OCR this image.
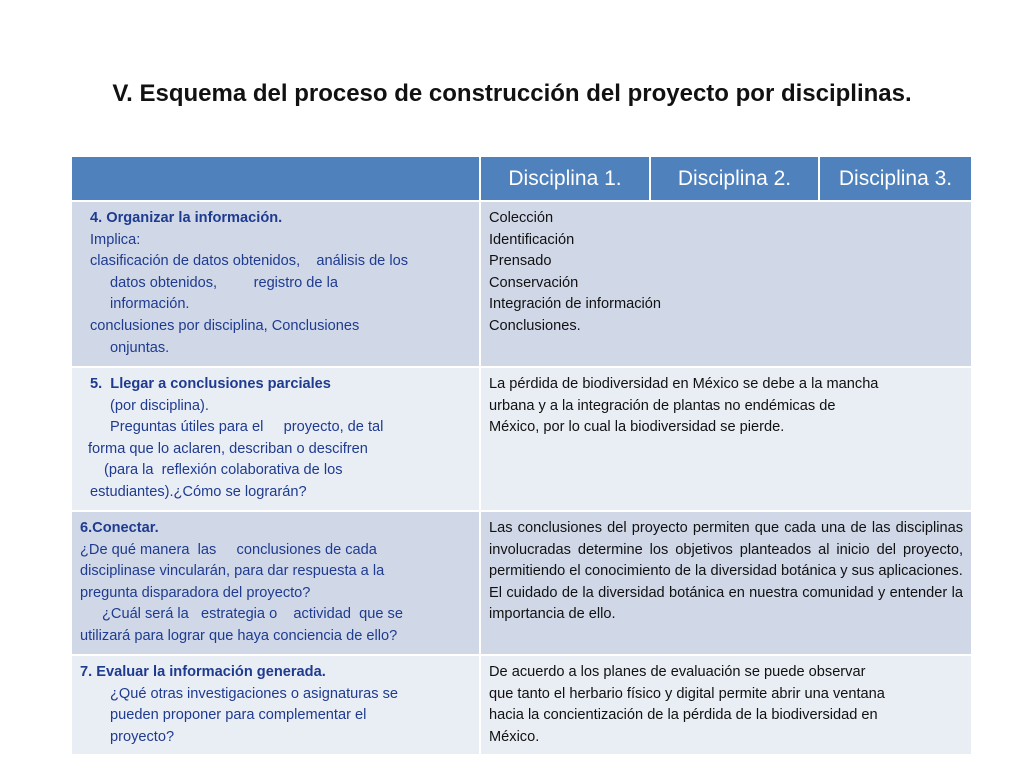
V. Esquema del proceso de construcción del proyecto por disciplinas.
Disciplina 1.	Disciplina 2.	Disciplina 3.

4. Organizar la información.

Implica:

clasificación de datos obtenidos,    análisis de los

datos obtenidos,         registro de la

información.

conclusiones por disciplina, Conclusiones

onjuntas.

Colección

Identificación

Prensado

Conservación

Integración de información

Conclusiones.

5.  Llegar a conclusiones parciales

(por disciplina).

Preguntas útiles para el     proyecto, de tal

forma que lo aclaren, describan o descifren

(para la  reflexión colaborativa de los

estudiantes).¿Cómo se lograrán?

La pérdida de biodiversidad en México se debe a la mancha

urbana y a la integración de plantas no endémicas de

México, por lo cual la biodiversidad se pierde.

6.Conectar.

¿De qué manera  las     conclusiones de cada

disciplinase vincularán, para dar respuesta a la

pregunta disparadora del proyecto?

¿Cuál será la   estrategia o    actividad  que se

utilizará para lograr que haya conciencia de ello?

Las conclusiones del proyecto permiten que cada una de las disciplinas involucradas determine los objetivos planteados al inicio del proyecto, permitiendo el conocimiento de la diversidad botánica y sus aplicaciones.

El cuidado de la diversidad botánica en nuestra comunidad y entender la importancia de ello.

7. Evaluar la información generada.

¿Qué otras investigaciones o asignaturas se

pueden proponer para complementar el

proyecto?

De acuerdo a los planes de evaluación se puede observar

que tanto el herbario físico y digital permite abrir una ventana

hacia la concientización de la pérdida de la biodiversidad en

México.
